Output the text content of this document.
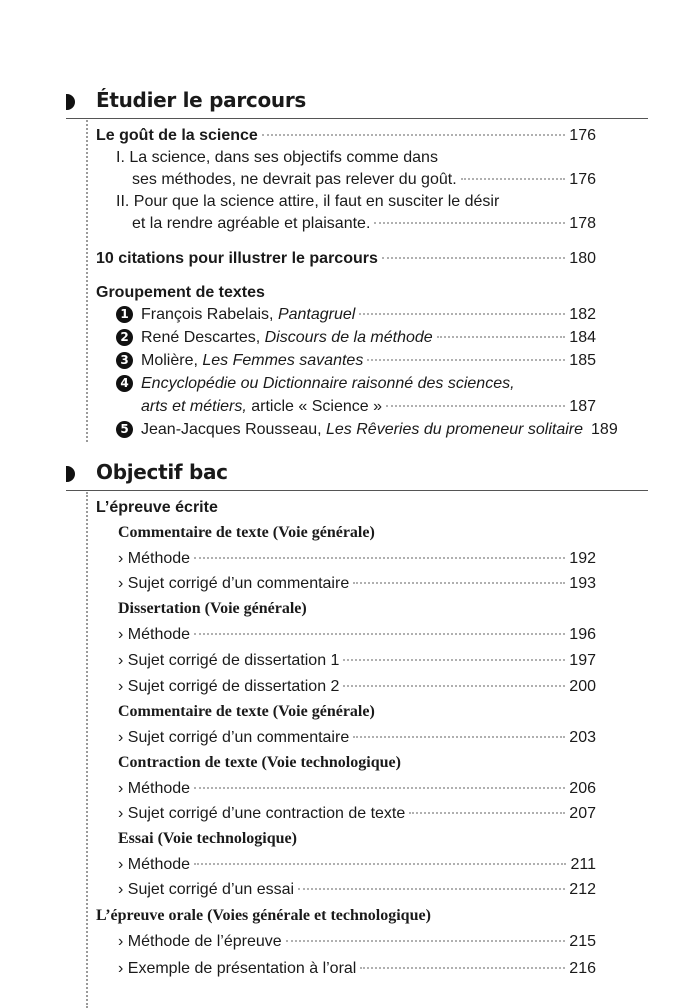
Étudier le parcours
Le goût de la science	176
I. La science, dans ses objectifs comme dans
ses méthodes, ne devrait pas relever du goût.	176
II. Pour que la science attire, il faut en susciter le désir
et la rendre agréable et plaisante.	178
10 citations pour illustrer le parcours	180
Groupement de textes
1 François Rabelais, Pantagruel	182
2 René Descartes, Discours de la méthode	184
3 Molière, Les Femmes savantes	185
4 Encyclopédie ou Dictionnaire raisonné des sciences,
arts et métiers, article « Science »	187
5 Jean-Jacques Rousseau, Les Rêveries du promeneur solitaire 189
Objectif bac
L’épreuve écrite
Commentaire de texte (Voie générale)
› Méthode	192
› Sujet corrigé d’un commentaire	193
Dissertation (Voie générale)
› Méthode	196
› Sujet corrigé de dissertation 1	197
› Sujet corrigé de dissertation 2	200
Commentaire de texte (Voie générale)
› Sujet corrigé d’un commentaire	203
Contraction de texte (Voie technologique)
› Méthode	206
› Sujet corrigé d’une contraction de texte	207
Essai (Voie technologique)
› Méthode	211
› Sujet corrigé d’un essai	212
L’épreuve orale (Voies générale et technologique)
› Méthode de l’épreuve	215
› Exemple de présentation à l’oral	216
